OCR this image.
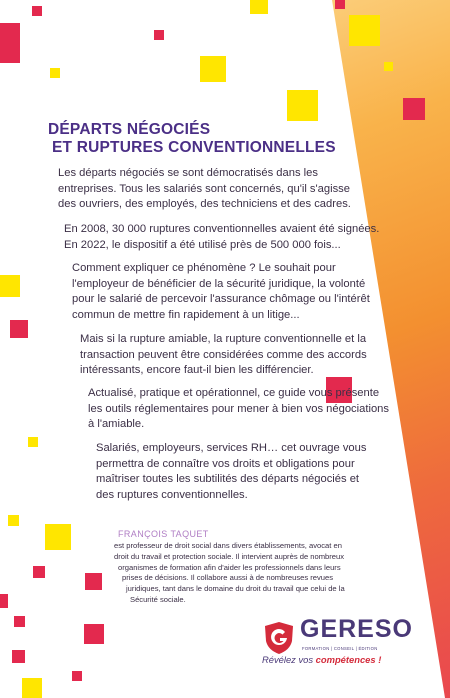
DÉPARTS NÉGOCIÉS
ET RUPTURES CONVENTIONNELLES
Les départs négociés se sont démocratisés dans les
entreprises. Tous les salariés sont concernés, qu'il s'agisse
des ouvriers, des employés, des techniciens et des cadres.
En 2008, 30 000 ruptures conventionnelles avaient été signées.
En 2022, le dispositif a été utilisé près de 500 000 fois...
Comment expliquer ce phénomène ? Le souhait pour
l'employeur de bénéficier de la sécurité juridique, la volonté
pour le salarié de percevoir l'assurance chômage ou l'intérêt
commun de mettre fin rapidement à un litige...
Mais si la rupture amiable, la rupture conventionnelle et la
transaction peuvent être considérées comme des accords
intéressants, encore faut-il bien les différencier.
Actualisé, pratique et opérationnel, ce guide vous présente
les outils réglementaires pour mener à bien vos négociations
à l'amiable.
Salariés, employeurs, services RH… cet ouvrage vous
permettra de connaître vos droits et obligations pour
maîtriser toutes les subtilités des départs négociés et
des ruptures conventionnelles.
FRANÇOIS TAQUET
est professeur de droit social dans divers établissements, avocat en
droit du travail et protection sociale. Il intervient auprès de nombreux
organismes de formation afin d'aider les professionnels dans leurs
prises de décisions. Il collabore aussi à de nombreuses revues
juridiques, tant dans le domaine du droit du travail que celui de la
Sécurité sociale.
GERESO
FORMATION | CONSEIL | ÉDITION
Révélez vos compétences !
